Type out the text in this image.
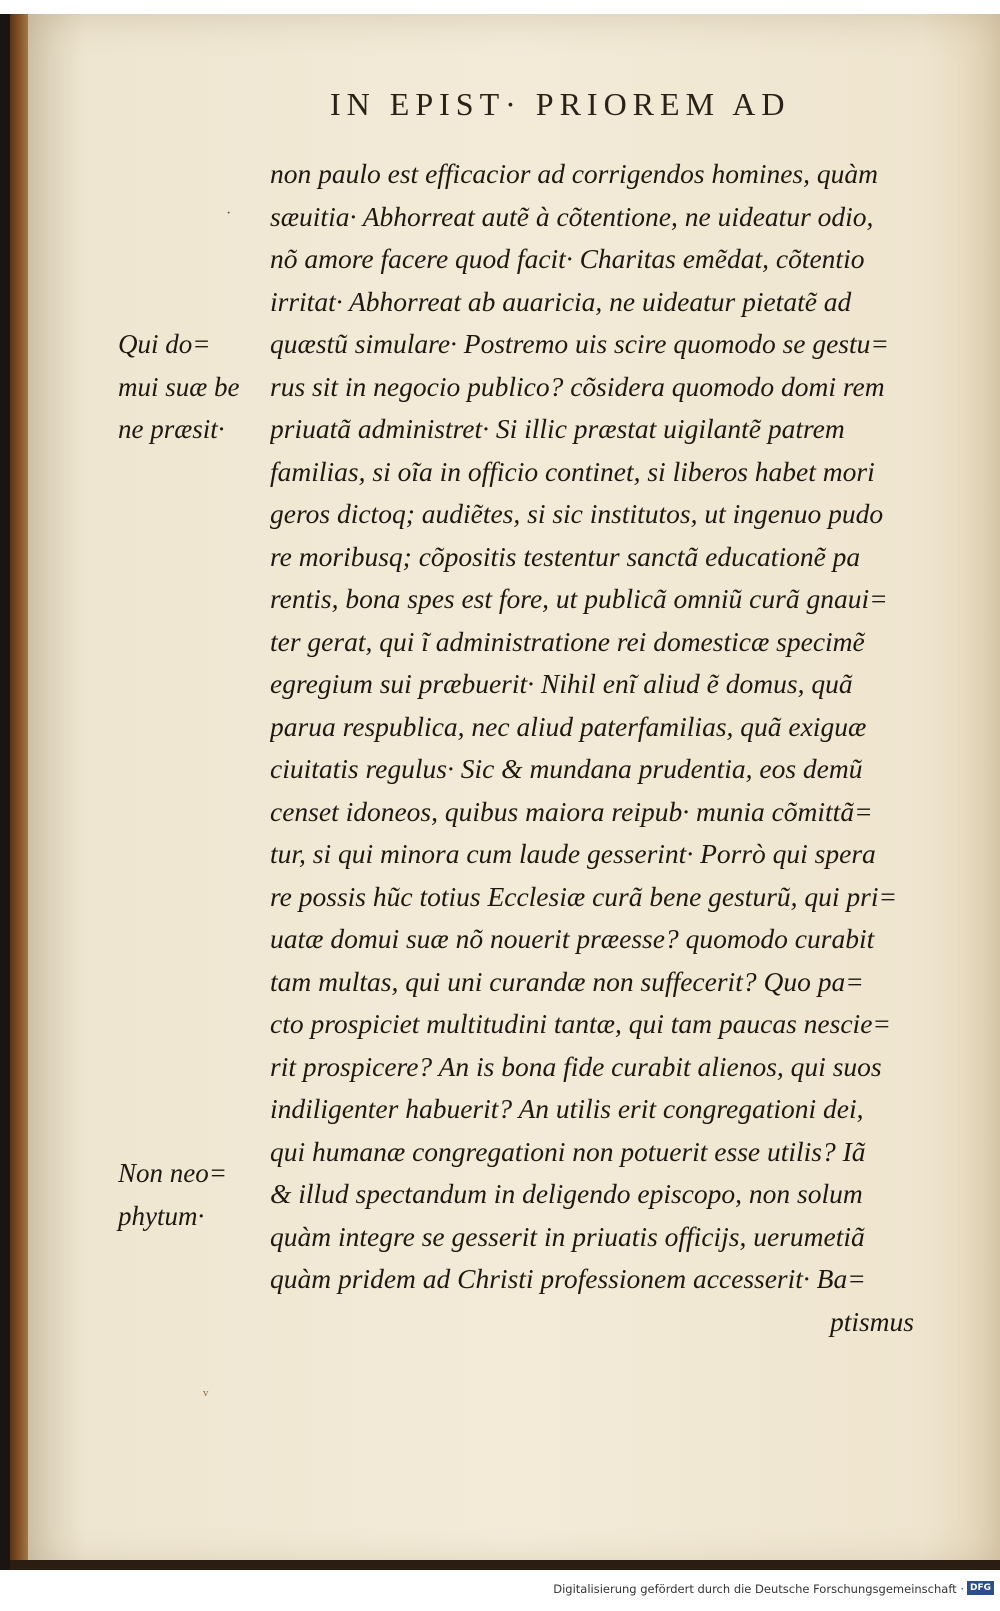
IN EPIST· PRIOREM AD
·
non paulo est efficacior ad corrigendos homines, quàm
sæuitia· Abhorreat autẽ à cõtentione, ne uideatur odio,
nõ amore facere quod facit· Charitas emẽdat, cõtentio
irritat· Abhorreat ab auaricia, ne uideatur pietatẽ ad
quæstũ simulare· Postremo uis scire quomodo se gestu=
rus sit in negocio publico? cõsidera quomodo domi rem
priuatã administret· Si illic præstat uigilantẽ patrem
familias, si oĩa in officio continet, si liberos habet mori
geros dictoq; audiẽtes, si sic institutos, ut ingenuo pudo
re moribusq; cõpositis testentur sanctã educationẽ pa
rentis, bona spes est fore, ut publicã omniũ curã gnaui=
ter gerat, qui ĩ administratione rei domesticæ specimẽ
egregium sui præbuerit· Nihil enĩ aliud ẽ domus, quã
parua respublica, nec aliud paterfamilias, quã exiguæ
ciuitatis regulus· Sic & mundana prudentia, eos demũ
censet idoneos, quibus maiora reipub· munia cõmittã=
tur, si qui minora cum laude gesserint· Porrò qui spera
re possis hũc totius Ecclesiæ curã bene gesturũ, qui pri=
uatæ domui suæ nõ nouerit præesse? quomodo curabit
tam multas, qui uni curandæ non suffecerit? Quo pa=
cto prospiciet multitudini tantæ, qui tam paucas nescie=
rit prospicere? An is bona fide curabit alienos, qui suos
indiligenter habuerit? An utilis erit congregationi dei,
qui humanæ congregationi non potuerit esse utilis? Iã
& illud spectandum in deligendo episcopo, non solum
quàm integre se gesserit in priuatis officijs, uerumetiã
quàm pridem ad Christi professionem accesserit· Ba=
ptismus
Qui do=
mui suæ be
ne præsit·
Non neo=
phytum·
ᵛ
Digitalisierung gefördert durch die Deutsche Forschungsgemeinschaft · DFG
